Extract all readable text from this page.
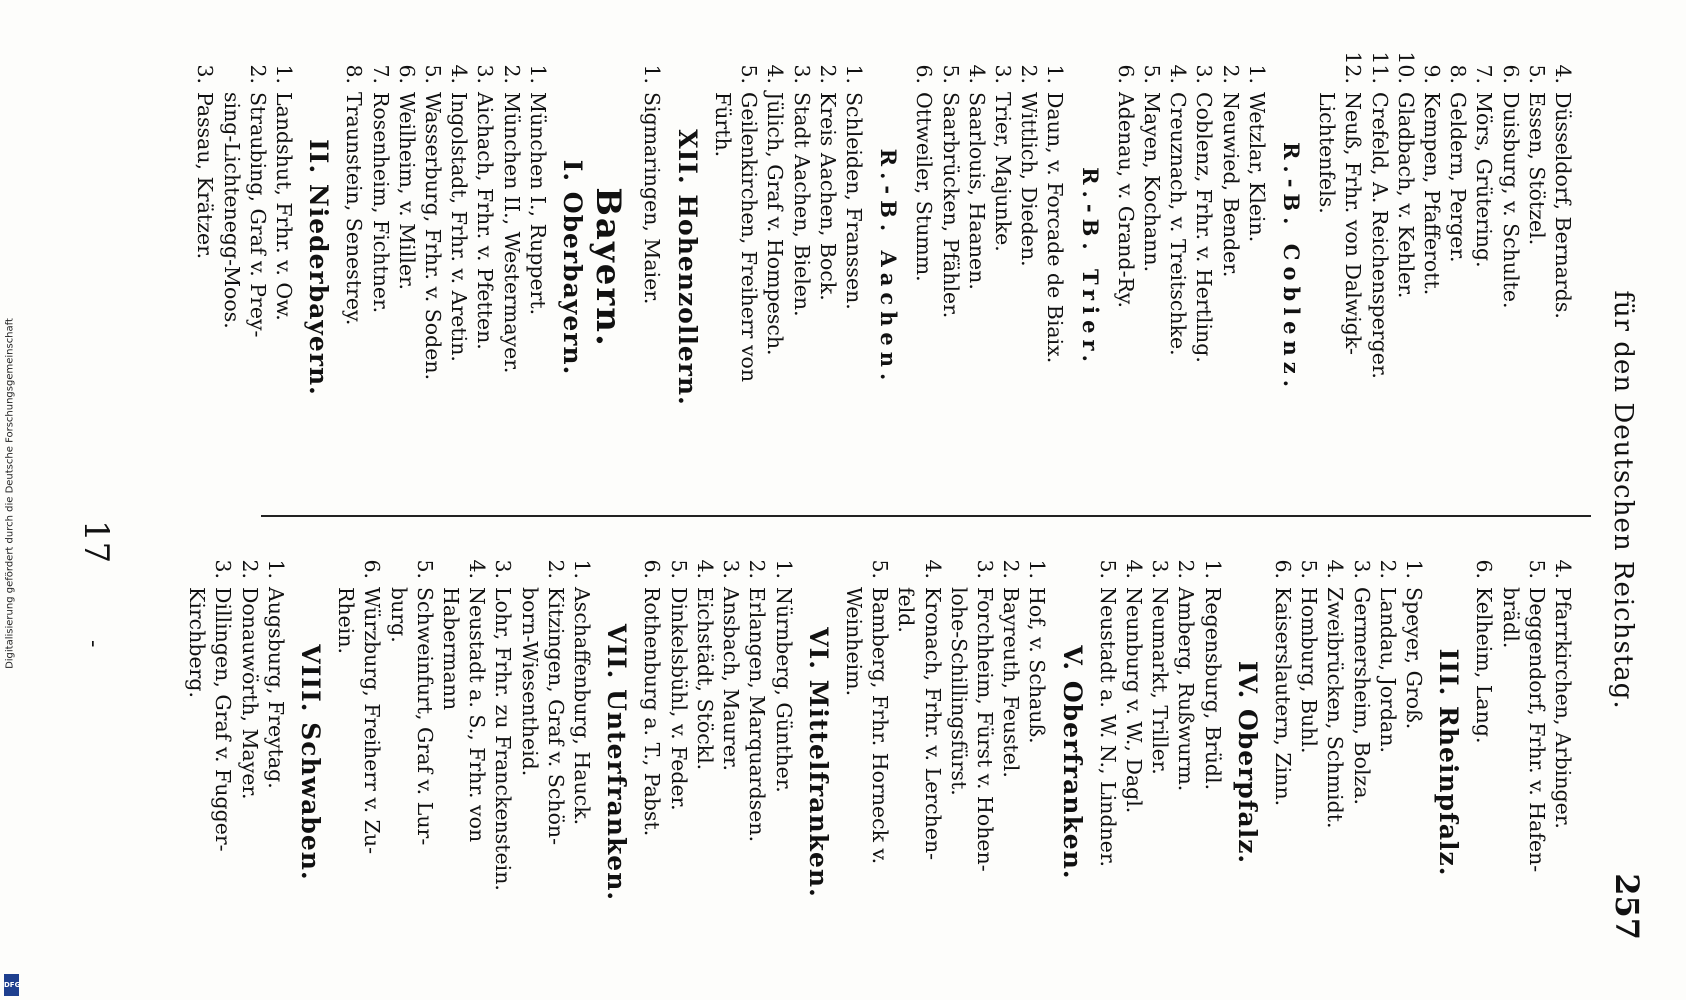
für den Deutschen Reichstag.
257
4.
Düsseldorf, Bernards.
5.
Essen, Stötzel.
6.
Duisburg, v. Schulte.
7.
Mörs, Grütering.
8.
Geldern, Perger.
9.
Kempen, Pfafferott.
10.
Gladbach, v. Kehler.
11.
Crefeld, A. Reichensperger.
12.
Neuß, Frhr. von Dalwigk-
Lichtenfels.
R.-B. Coblenz.
1.
Wetzlar, Klein.
2.
Neuwied, Bender.
3.
Coblenz, Frhr. v. Hertling.
4.
Creuznach, v. Treitschke.
5.
Mayen, Kochann.
6.
Adenau, v. Grand-Ry.
R.-B. Trier.
1.
Daun, v. Forcade de Biaix.
2.
Wittlich, Dieden.
3.
Trier, Majunke.
4.
Saarlouis, Haanen.
5.
Saarbrücken, Pfähler.
6.
Ottweiler, Stumm.
R.-B. Aachen.
1.
Schleiden, Franssen.
2.
Kreis Aachen, Bock.
3.
Stadt Aachen, Bielen.
4.
Jülich, Graf v. Hompesch.
5.
Geilenkirchen, Freiherr von
Fürth.
XII. Hohenzollern.
1.
Sigmaringen, Maier.
Bayern.
I. Oberbayern.
1.
München I., Ruppert.
2.
München II., Westermayer.
3.
Aichach, Frhr. v. Pfetten.
4.
Ingolstadt, Frhr. v. Aretin.
5.
Wasserburg, Frhr. v. Soden.
6.
Weilheim, v. Miller.
7.
Rosenheim, Fichtner.
8.
Traunstein, Senestrey.
II. Niederbayern.
1.
Landshut, Frhr. v. Ow.
2.
Straubing, Graf v. Prey-
sing-Lichtenegg-Moos.
3.
Passau, Krätzer.
4.
Pfarrkirchen, Arbinger.
5.
Deggendorf, Frhr. v. Hafen-
brädl.
6.
Kelheim, Lang.
III. Rheinpfalz.
1.
Speyer, Groß.
2.
Landau, Jordan.
3.
Germersheim, Bolza.
4.
Zweibrücken, Schmidt.
5.
Homburg, Buhl.
6.
Kaiserslautern, Zinn.
IV. Oberpfalz.
1.
Regensburg, Brüdl.
2.
Amberg, Rußwurm.
3.
Neumarkt, Triller.
4.
Neunburg v. W., Dagl.
5.
Neustadt a. W. N., Lindner.
V. Oberfranken.
1.
Hof, v. Schauß.
2.
Bayreuth, Feustel.
3.
Forchheim, Fürst v. Hohen-
lohe-Schillingsfürst.
4.
Kronach, Frhr. v. Lerchen-
feld.
5.
Bamberg, Frhr. Horneck v.
Weinheim.
VI. Mittelfranken.
1.
Nürnberg, Günther.
2.
Erlangen, Marquardsen.
3.
Ansbach, Maurer.
4.
Eichstädt, Stöckl.
5.
Dinkelsbühl, v. Feder.
6.
Rothenburg a. T., Pabst.
VII. Unterfranken.
1.
Aschaffenburg, Hauck.
2.
Kitzingen, Graf v. Schön-
born-Wiesentheid.
3.
Lohr, Frhr. zu Franckenstein.
4.
Neustadt a. S., Frhr. von
Habermann
5.
Schweinfurt, Graf v. Lur-
burg.
6.
Würzburg, Freiherr v. Zu-
Rhein.
VIII. Schwaben.
1.
Augsburg, Freytag.
2.
Donauwörth, Mayer.
3.
Dillingen, Graf v. Fugger-
Kirchberg.
17
-
Digitalisierung gefördert durch die Deutsche Forschungsgemeinschaft
DFG
